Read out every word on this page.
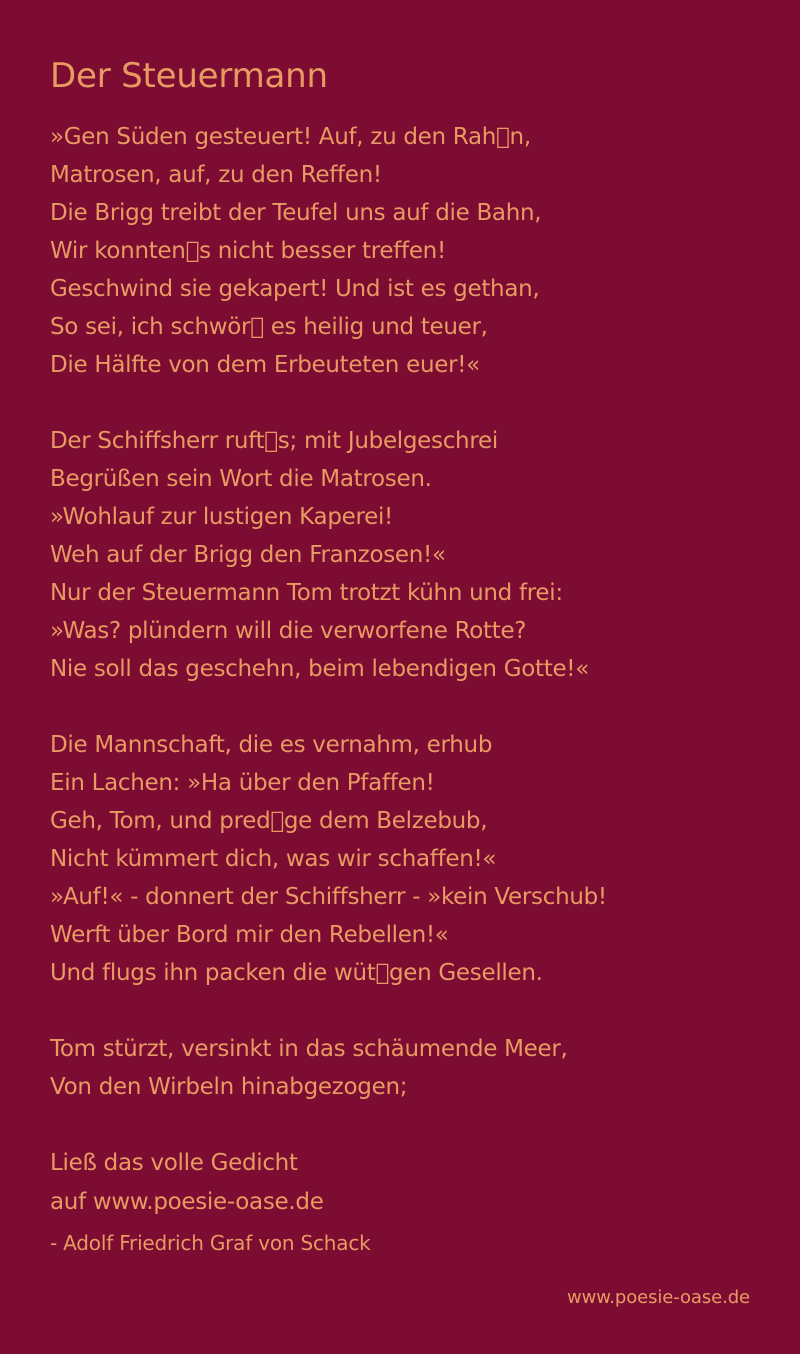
Der Steuermann
»Gen Süden gesteuert! Auf, zu den Rah n,
Matrosen, auf, zu den Reffen!
Die Brigg treibt der Teufel uns auf die Bahn,
Wir konnten s nicht besser treffen!
Geschwind sie gekapert! Und ist es gethan,
So sei, ich schwör  es heilig und teuer,
Die Hälfte von dem Erbeuteten euer!«
Der Schiffsherr ruft s; mit Jubelgeschrei
Begrüßen sein Wort die Matrosen.
»Wohlauf zur lustigen Kaperei!
Weh auf der Brigg den Franzosen!«
Nur der Steuermann Tom trotzt kühn und frei:
»Was? plündern will die verworfene Rotte?
Nie soll das geschehn, beim lebendigen Gotte!«
Die Mannschaft, die es vernahm, erhub
Ein Lachen: »Ha über den Pfaffen!
Geh, Tom, und pred ge dem Belzebub,
Nicht kümmert dich, was wir schaffen!«
»Auf!« - donnert der Schiffsherr - »kein Verschub!
Werft über Bord mir den Rebellen!«
Und flugs ihn packen die wüt gen Gesellen.
Tom stürzt, versinkt in das schäumende Meer,
Von den Wirbeln hinabgezogen;
Ließ das volle Gedicht
auf www.poesie-oase.de
- Adolf Friedrich Graf von Schack
www.poesie-oase.de
